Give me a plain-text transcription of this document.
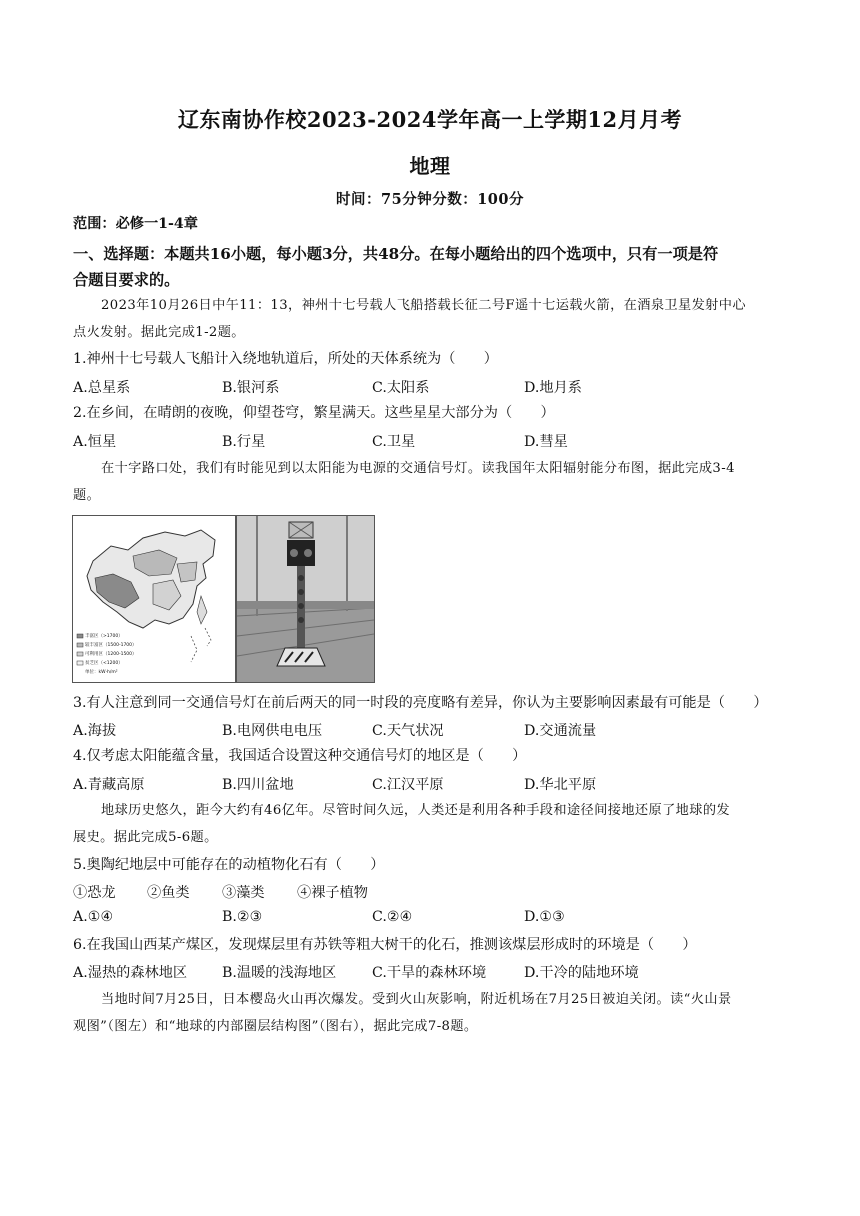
辽东南协作校2023-2024学年高一上学期12月月考
地理
时间：75分钟分数：100分
范围：必修一1-4章
一、选择题：本题共16小题，每小题3分，共48分。在每小题给出的四个选项中，只有一项是符
合题目要求的。
2023年10月26日中午11：13，神州十七号载人飞船搭载长征二号F遥十七运载火箭，在酒泉卫星发射中心
点火发射。据此完成1-2题。
1.神州十七号载人飞船计入绕地轨道后，所处的天体系统为（　　）
A.总星系	B.银河系	C.太阳系	D.地月系
2.在乡间，在晴朗的夜晚，仰望苍穹，繁星满天。这些星星大部分为（　　）
A.恒星	B.行星	C.卫星	D.彗星
在十字路口处，我们有时能见到以太阳能为电源的交通信号灯。读我国年太阳辐射能分布图，据此完成3-4
题。
丰富区（>1700）
较丰富区（1500-1700）
可利用区（1200-1500）
贫乏区（<1200）
单位：kW·h/m²
3.有人注意到同一交通信号灯在前后两天的同一时段的亮度略有差异，你认为主要影响因素最有可能是（　　）
A.海拔	B.电网供电电压	C.天气状况	D.交通流量
4.仅考虑太阳能蕴含量，我国适合设置这种交通信号灯的地区是（　　）
A.青藏高原	B.四川盆地	C.江汉平原	D.华北平原
地球历史悠久，距今大约有46亿年。尽管时间久远，人类还是利用各种手段和途径间接地还原了地球的发
展史。据此完成5-6题。
5.奥陶纪地层中可能存在的动植物化石有（　　）
①恐龙 ②鱼类 ③藻类 ④裸子植物
A.①④	B.②③	C.②④	D.①③
6.在我国山西某产煤区，发现煤层里有苏铁等粗大树干的化石，推测该煤层形成时的环境是（　　）
A.湿热的森林地区 B.温暖的浅海地区	C.干旱的森林环境	D.干冷的陆地环境
当地时间7月25日，日本樱岛火山再次爆发。受到火山灰影响，附近机场在7月25日被迫关闭。读“火山景
观图”（图左）和“地球的内部圈层结构图”（图右），据此完成7-8题。
